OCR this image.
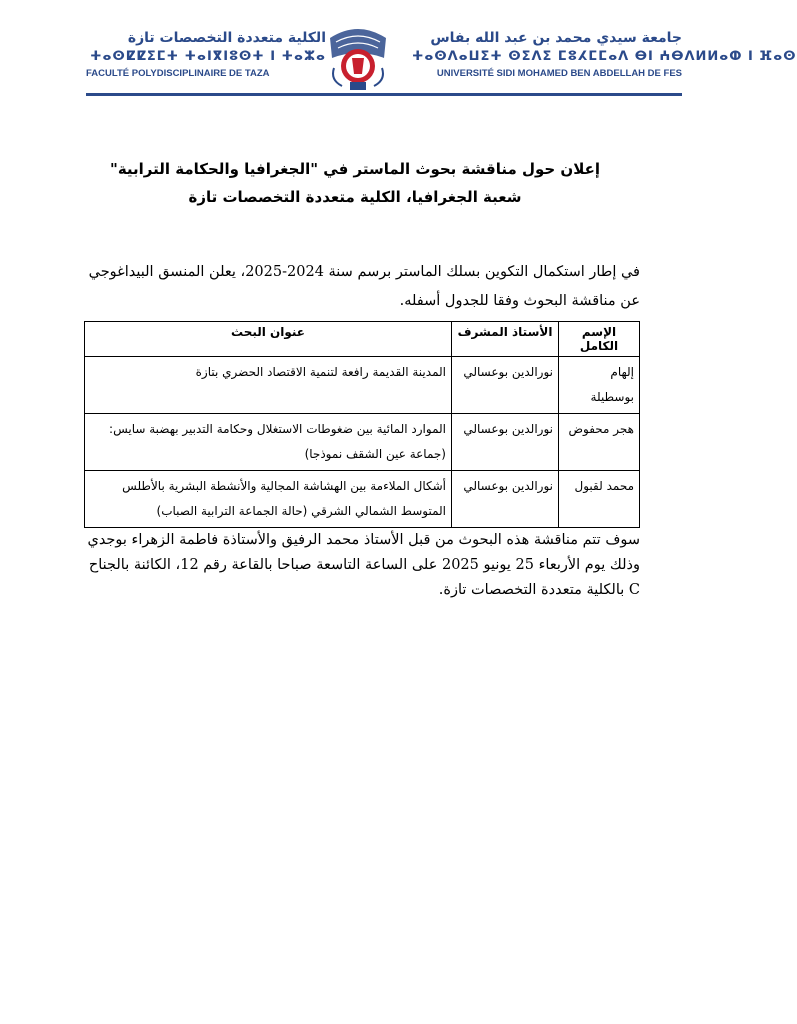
الكلية متعددة التخصصات تازة
ⵜⴰⵙⵇⵇⵉⵎⵜ ⵜⴰⵏⴳⵏⵓⵙⵜ ⵏ ⵜⴰⵣⴰ
FACULTÉ POLYDISCIPLINAIRE DE TAZA
جامعة سيدي محمد بن عبد الله بفاس
ⵜⴰⵙⴷⴰⵡⵉⵜ ⵙⵉⴷⵉ ⵎⵓⵃⵎⵎⴰⴷ ⴱⵏ ⵄⴱⴷⵍⵍⴰⵀ ⵏ ⴼⴰⵙ
UNIVERSITÉ SIDI MOHAMED BEN ABDELLAH DE FES
إعلان حول مناقشة بحوث الماستر في "الجغرافيا والحكامة الترابية"
شعبة الجغرافيا، الكلية متعددة التخصصات تازة
في إطار استكمال التكوين بسلك الماستر برسم سنة 2024-2025، يعلن المنسق البيداغوجي عن مناقشة البحوث وفقا للجدول أسفله.
الإسم الكامل	الأستاذ المشرف	عنوان البحث
إلهام بوسطيلة	نورالدين بوعسالي	المدينة القديمة رافعة لتنمية الاقتصاد الحضري بتازة
هجر محفوض	نورالدين بوعسالي	الموارد المائية بين ضغوطات الاستغلال وحكامة التدبير بهضبة سايس: (جماعة عين الشقف نموذجا)
محمد لقبول	نورالدين بوعسالي	أشكال الملاءمة بين الهشاشة المجالية والأنشطة البشرية بالأطلس المتوسط الشمالي الشرقي (حالة الجماعة الترابية الصباب)
سوف تتم مناقشة هذه البحوث من قبل الأستاذ محمد الرفيق والأستاذة فاطمة الزهراء بوجدي وذلك يوم الأربعاء 25 يونيو 2025 على الساعة التاسعة صباحا بالقاعة رقم 12، الكائنة بالجناح C بالكلية متعددة التخصصات تازة.
